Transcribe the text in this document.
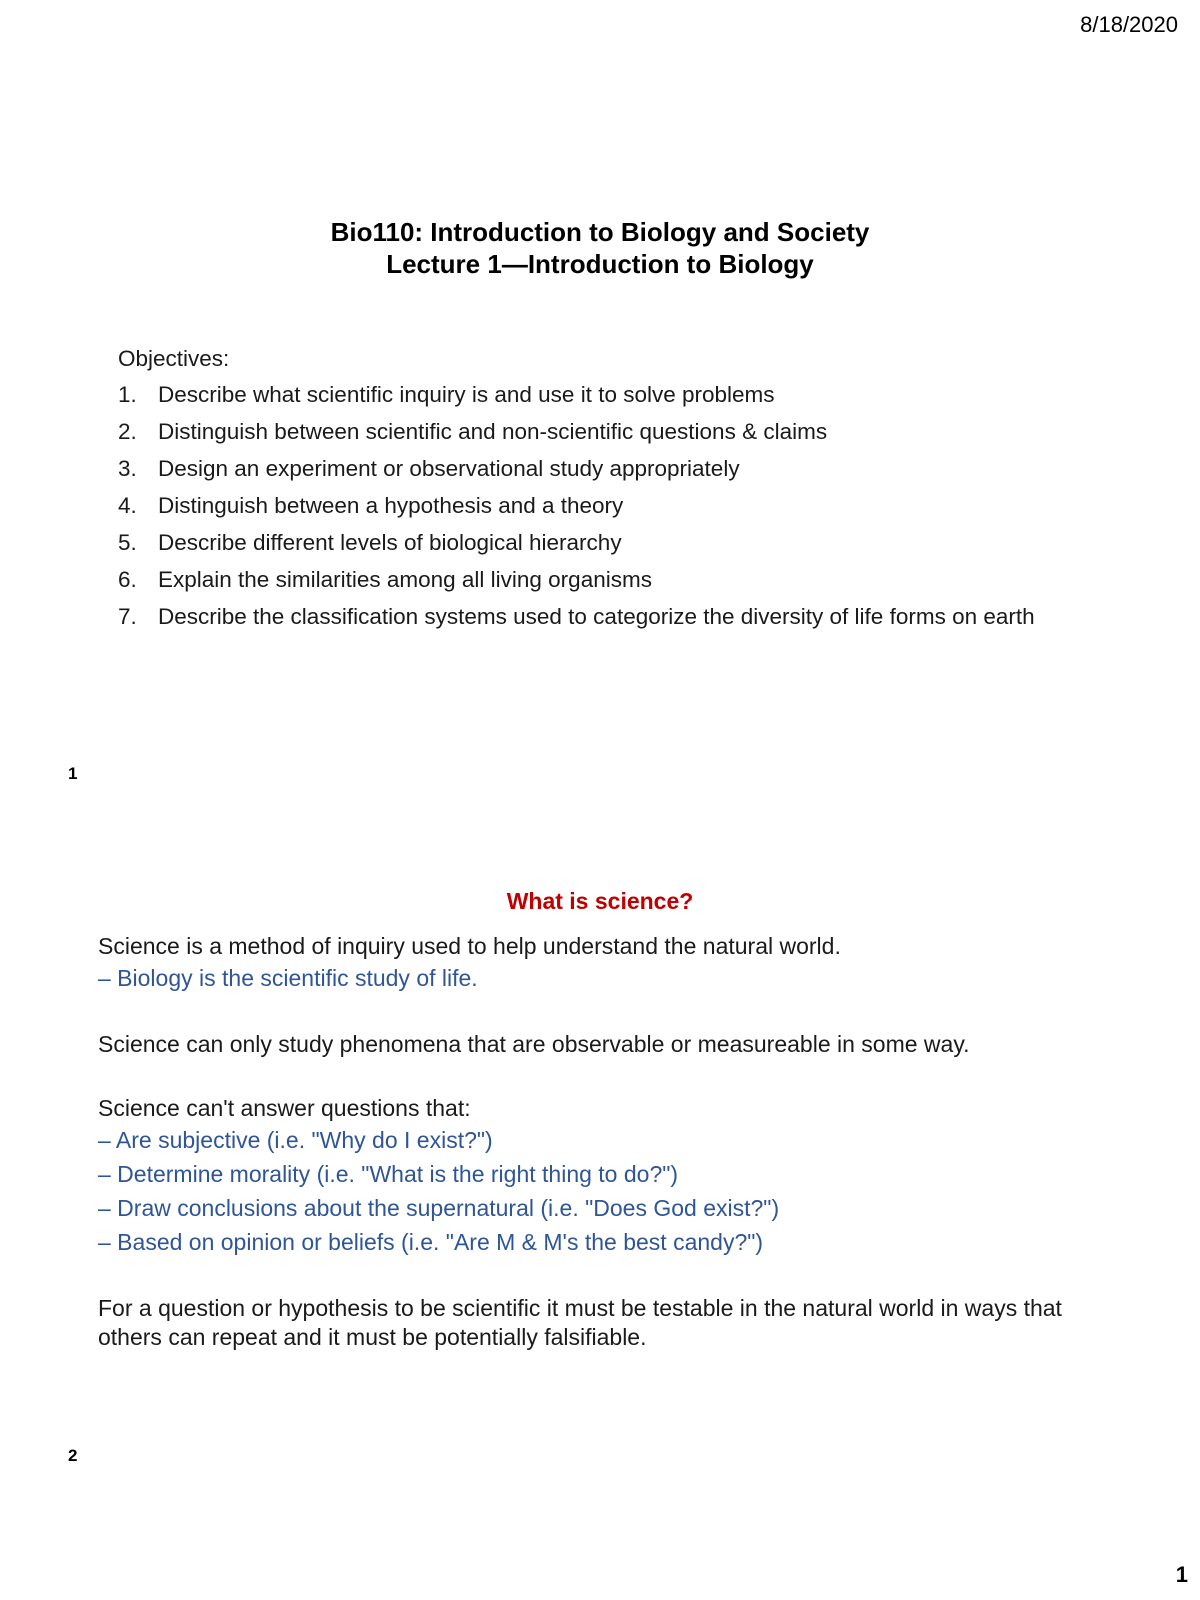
8/18/2020
Bio110: Introduction to Biology and Society
Lecture 1—Introduction to Biology
Objectives:
1. Describe what scientific inquiry is and use it to solve problems
2. Distinguish between scientific and non-scientific questions & claims
3. Design an experiment or observational study appropriately
4. Distinguish between a hypothesis and a theory
5. Describe different levels of biological hierarchy
6. Explain the similarities among all living organisms
7. Describe the classification systems used to categorize the diversity of life forms on earth
1
What is science?

Science is a method of inquiry used to help understand the natural world.

– Biology is the scientific study of life.

Science can only study phenomena that are observable or measureable in some way.

Science can't answer questions that:

– Are subjective (i.e. "Why do I exist?")

– Determine morality (i.e. "What is the right thing to do?")

– Draw conclusions about the supernatural (i.e. "Does God exist?")

– Based on opinion or beliefs (i.e. "Are M & M's the best candy?")

For a question or hypothesis to be scientific it must be testable in the natural world in ways that others can repeat and it must be potentially falsifiable.

2
1
